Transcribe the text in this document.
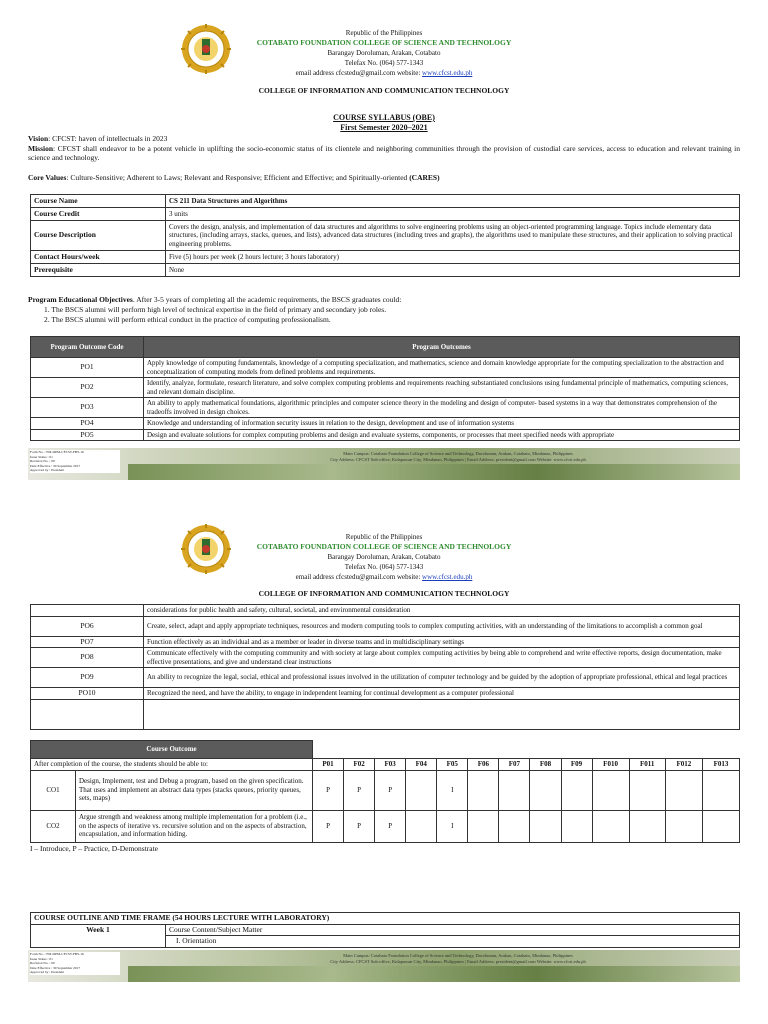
Republic of the Philippines
COTABATO FOUNDATION COLLEGE OF SCIENCE AND TECHNOLOGY
Barangay Doroluman, Arakan, Cotabato
Telefax No. (064) 577-1343
email address cfcstedu@gmail.com website: www.cfcst.edu.ph
COLLEGE OF INFORMATION AND COMMUNICATION TECHNOLOGY
COURSE SYLLABUS (OBE)
First Semester 2020–2021
Vision: CFCST: haven of intellectuals in 2023
Mission: CFCST shall endeavor to be a potent vehicle in uplifting the socio-economic status of its clientele and neighboring communities through the provision of custodial care services, access to education and relevant training in science and technology.
Core Values: Culture-Sensitive; Adherent to Laws; Relevant and Responsive; Efficient and Effective; and Spiritually-oriented (CARES)
Course Name	CS 211 Data Structures and Algorithms
Course Credit	3 units
Course Description	Covers the design, analysis, and implementation of data structures and algorithms to solve engineering problems using an object-oriented programming language. Topics include elementary data structures, (including arrays, stacks, queues, and lists), advanced data structures (including trees and graphs), the algorithms used to manipulate these structures, and their application to solving practical engineering problems.
Contact Hours/week	Five (5) hours per week (2 hours lecture; 3 hours laboratory)
Prerequisite	None
Program Educational Objectives. After 3-5 years of completing all the academic requirements, the BSCS graduates could:
1. The BSCS alumni will perform high level of technical expertise in the field of primary and secondary job roles.
2. The BSCS alumni will perform ethical conduct in the practice of computing professionalism.
Program Outcome Code	Program Outcomes
PO1	Apply knowledge of computing fundamentals, knowledge of a computing specialization, and mathematics, science and domain knowledge appropriate for the computing specialization to the abstraction and conceptualization of computing models from defined problems and requirements.
PO2	Identify, analyze, formulate, research literature, and solve complex computing problems and requirements reaching substantiated conclusions using fundamental principle of mathematics, computing sciences, and relevant domain discipline.
PO3	An ability to apply mathematical foundations, algorithmic principles and computer science theory in the modeling and design of computer- based systems in a way that demonstrates comprehension of the tradeoffs involved in design choices.
PO4	Knowledge and understanding of information security issues in relation to the design, development and use of information systems
PO5	Design and evaluate solutions for complex computing problems and design and evaluate systems, components, or processes that meet specified needs with appropriate
Form No. : FM-DPM-CFCST-FBS-16
Issue Status : 01
Revision No. : 00
Date Effective : 30 September 2017
Approved by : President
Main Campus: Cotabato Foundation College of Science and Technology, Doroluman, Arakan, Cotabato, Mindanao, Philippines
City Address: CFCST Sub-office, Kidapawan City, Mindanao, Philippines | Email Address: president@gmail.com Website: www.cfcst.edu.ph
Republic of the Philippines
COTABATO FOUNDATION COLLEGE OF SCIENCE AND TECHNOLOGY
Barangay Doroluman, Arakan, Cotabato
Telefax No. (064) 577-1343
email address cfcstedu@gmail.com website: www.cfcst.edu.ph
COLLEGE OF INFORMATION AND COMMUNICATION TECHNOLOGY
	considerations for public health and safety, cultural, societal, and environmental consideration
PO6	Create, select, adapt and apply appropriate techniques, resources and modern computing tools to complex computing activities, with an understanding of the limitations to accomplish a common goal
PO7	Function effectively as an individual and as a member or leader in diverse teams and in multidisciplinary settings
PO8	Communicate effectively with the computing community and with society at large about complex computing activities by being able to comprehend and write effective reports, design documentation, make effective presentations, and give and understand clear instructions
PO9	An ability to recognize the legal, social, ethical and professional issues involved in the utilization of computer technology and be guided by the adoption of appropriate professional, ethical and legal practices
PO10	Recognized the need, and have the ability, to engage in independent learning for continual development as a computer professional

Course Outcome														
After completion of the course, the students should be able to:		P01	F02	F03	F04	F05	F06	F07	F08	F09	F010	F011	F012	F013
CO1	Design, Implement, test and Debug a program, based on the given specification. That uses and implement an abstract data types (stacks queues, priority queues, sets, maps)	P	P	P		I								
CO2	Argue strength and weakness among multiple implementation for a problem (i.e., on the aspects of iterative vs. recursive solution and on the aspects of abstraction, encapsulation, and information hiding.	P	P	P		I								
I – Introduce, P – Practice, D-Demonstrate
COURSE OUTLINE AND TIME FRAME (54 HOURS LECTURE WITH LABORATORY)
Week 1	Course Content/Subject Matter
I. Orientation
Form No. : FM-DPM-CFCST-FBS-16
Issue Status : 01
Revision No. : 00
Date Effective : 30 September 2017
Approved by : President
Main Campus: Cotabato Foundation College of Science and Technology, Doroluman, Arakan, Cotabato, Mindanao, Philippines
City Address: CFCST Sub-office, Kidapawan City, Mindanao, Philippines | Email Address: president@gmail.com Website: www.cfcst.edu.ph
